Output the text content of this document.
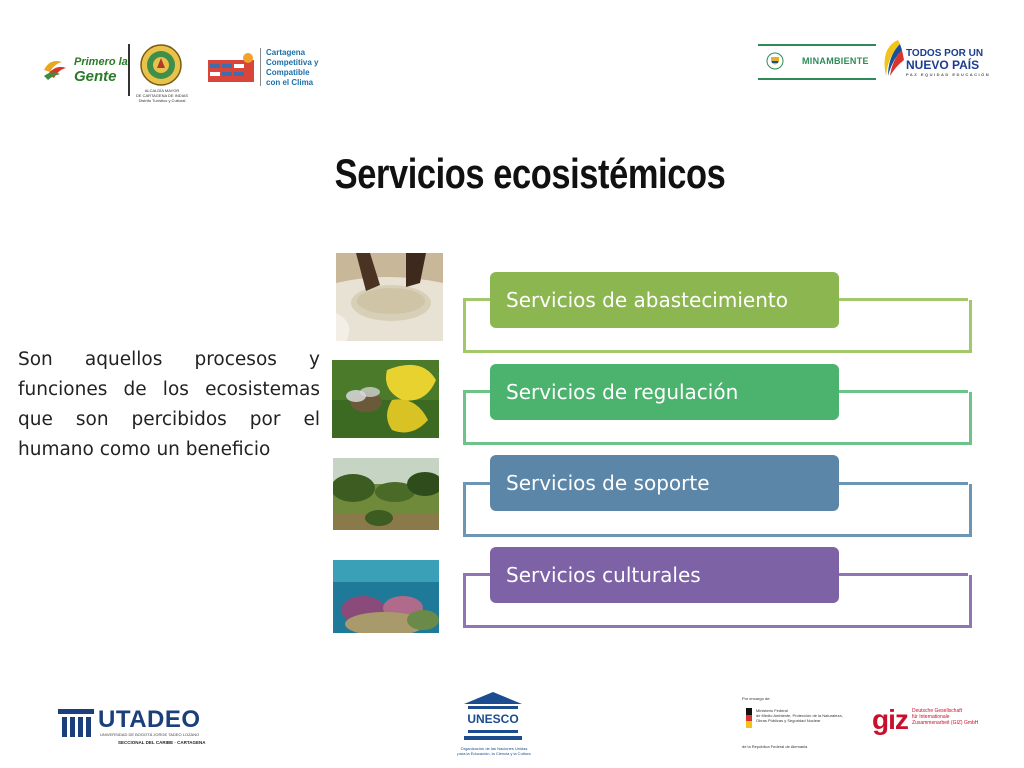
Primero la
Gente
ALCALDÍA MAYOR
DE CARTAGENA DE INDIAS
Distrito Turístico y Cultural
Cartagena
Competitiva y
Compatible
con el Clima
MINAMBIENTE
TODOS POR UN
NUEVO PAÍS
PAZ EQUIDAD EDUCACIÓN
Servicios ecosistémicos
Son aquellos procesos y funciones de los ecosistemas que son percibidos por el humano como un beneficio
Servicios de abastecimiento
Servicios de regulación
Servicios de soporte
Servicios culturales
UTADEO
UNIVERSIDAD DE BOGOTÁ JORGE TADEO LOZANO
SECCIONAL DEL CARIBE · CARTAGENA
UNESCO
Organización de las Naciones Unidas
para la Educación, la Ciencia y la Cultura
Por encargo de:
Ministerio Federal
de Medio Ambiente, Protección de la Naturaleza,
Obras Públicas y Seguridad Nuclear
de la República Federal de Alemania
giz Deutsche Gesellschaft
für Internationale
Zusammenarbeit (GIZ) GmbH
